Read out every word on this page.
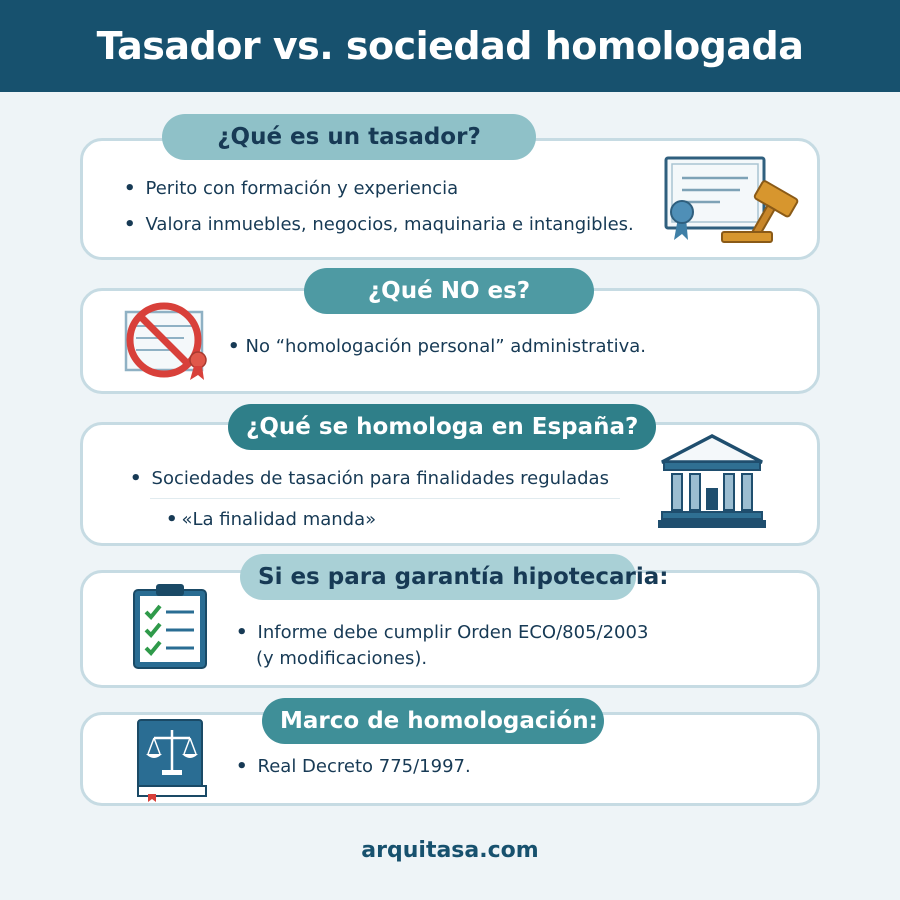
Tasador vs. sociedad homologada
¿Qué es un tasador?
• Perito con formación y experiencia
• Valora inmuebles, negocios, maquinaria e intangibles.
¿Qué NO es?
• No “homologación personal” administrativa.
¿Qué se homologa en España?
• Sociedades de tasación para finalidades reguladas
• «La finalidad manda»
Si es para garantía hipotecaria:
• Informe debe cumplir Orden ECO/805/2003
(y modificaciones).
Marco de homologación:
• Real Decreto 775/1997.
arquitasa.com
